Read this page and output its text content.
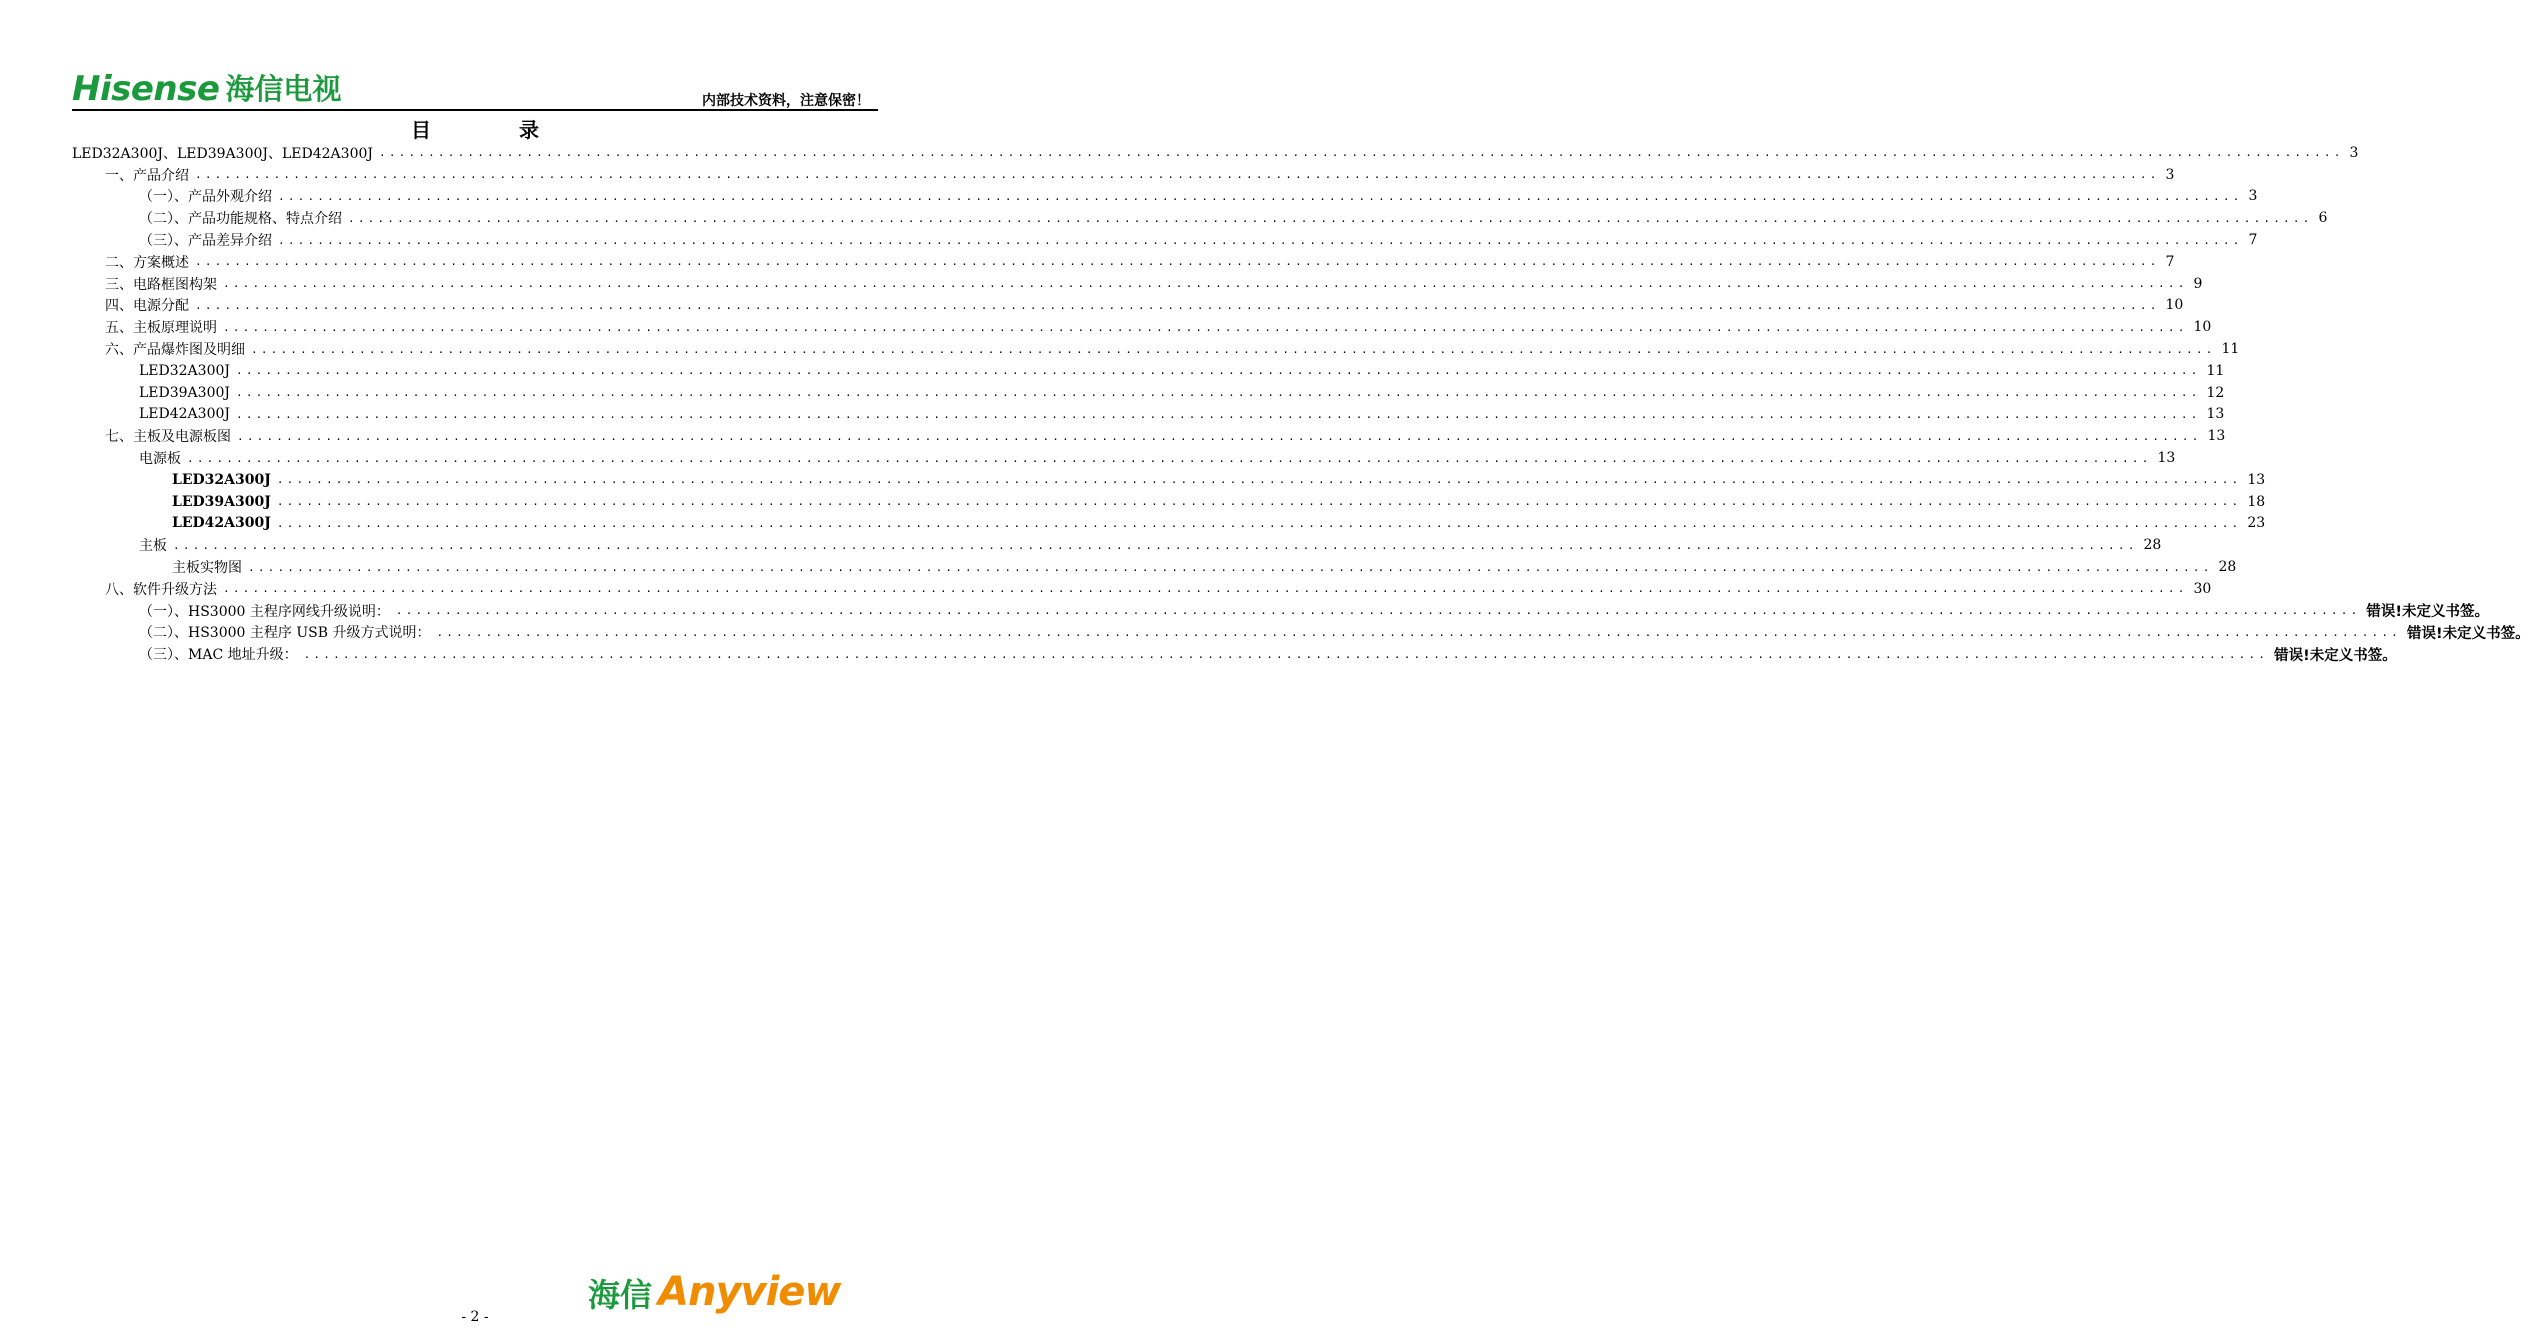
Hisense 海信电视	内部技术资料，注意保密！
目录
LED32A300J、LED39A300J、LED42A300J ........................................................................................................................................................................................................ 3
一、产品介绍 ........................................................................................................................................................................................................ 3
（一）、产品外观介绍 ........................................................................................................................................................................................................ 3
（二）、产品功能规格、特点介绍 ........................................................................................................................................................................................................ 6
（三）、产品差异介绍 ........................................................................................................................................................................................................ 7
二、方案概述 ........................................................................................................................................................................................................ 7
三、电路框图构架 ........................................................................................................................................................................................................ 9
四、电源分配 ........................................................................................................................................................................................................ 10
五、主板原理说明 ........................................................................................................................................................................................................ 10
六、产品爆炸图及明细 ........................................................................................................................................................................................................ 11
LED32A300J ........................................................................................................................................................................................................ 11
LED39A300J ........................................................................................................................................................................................................ 12
LED42A300J ........................................................................................................................................................................................................ 13
七、主板及电源板图 ........................................................................................................................................................................................................ 13
电源板 ........................................................................................................................................................................................................ 13
LED32A300J ........................................................................................................................................................................................................ 13
LED39A300J ........................................................................................................................................................................................................ 18
LED42A300J ........................................................................................................................................................................................................ 23
主板 ........................................................................................................................................................................................................ 28
主板实物图 ........................................................................................................................................................................................................ 28
八、软件升级方法 ........................................................................................................................................................................................................ 30
（一）、HS3000 主程序网线升级说明： ........................................................................................................................................................................................................ 错误!未定义书签。
（二）、HS3000 主程序 USB 升级方式说明： ........................................................................................................................................................................................................ 错误!未定义书签。
（三）、MAC 地址升级： ........................................................................................................................................................................................................ 错误!未定义书签。
- 2 -
海信 Anyview
